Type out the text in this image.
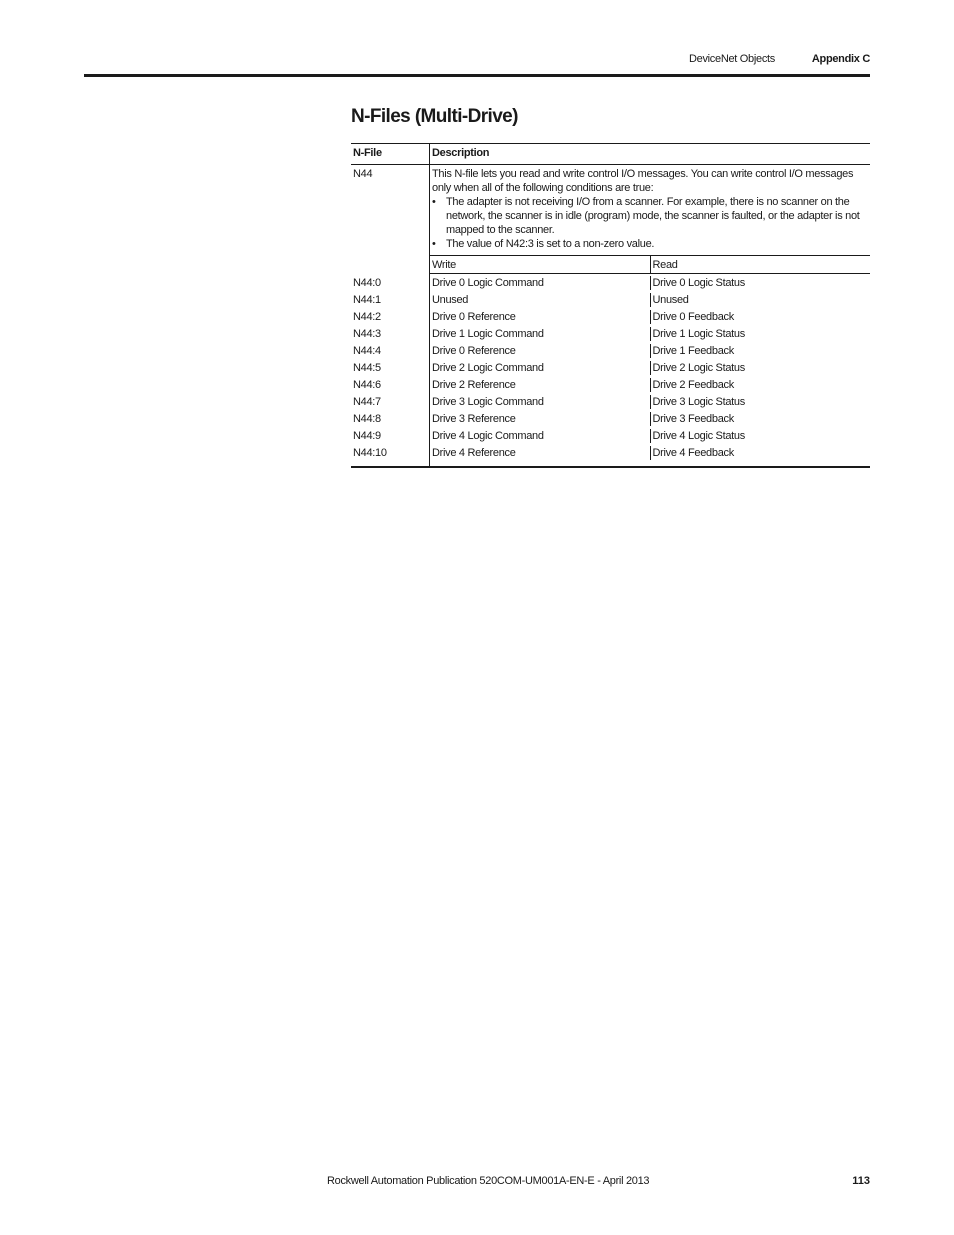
DeviceNet Objects	Appendix C
N-Files (Multi-Drive)
N-File	Description
N44	This N-file lets you read and write control I/O messages. You can write control I/O messages only when all of the following conditions are true:
• The adapter is not receiving I/O from a scanner. For example, there is no scanner on the network, the scanner is in idle (program) mode, the scanner is faulted, or the adapter is not mapped to the scanner.
• The value of N42:3 is set to a non-zero value.
Write	Read
N44:0	Drive 0 Logic Command	Drive 0 Logic Status
N44:1	Unused	Unused
N44:2	Drive 0 Reference	Drive 0 Feedback
N44:3	Drive 1 Logic Command	Drive 1 Logic Status
N44:4	Drive 0 Reference	Drive 1 Feedback
N44:5	Drive 2 Logic Command	Drive 2 Logic Status
N44:6	Drive 2 Reference	Drive 2 Feedback
N44:7	Drive 3 Logic Command	Drive 3 Logic Status
N44:8	Drive 3 Reference	Drive 3 Feedback
N44:9	Drive 4 Logic Command	Drive 4 Logic Status
N44:10	Drive 4 Reference	Drive 4 Feedback
Rockwell Automation Publication 520COM-UM001A-EN-E - April 2013	113
